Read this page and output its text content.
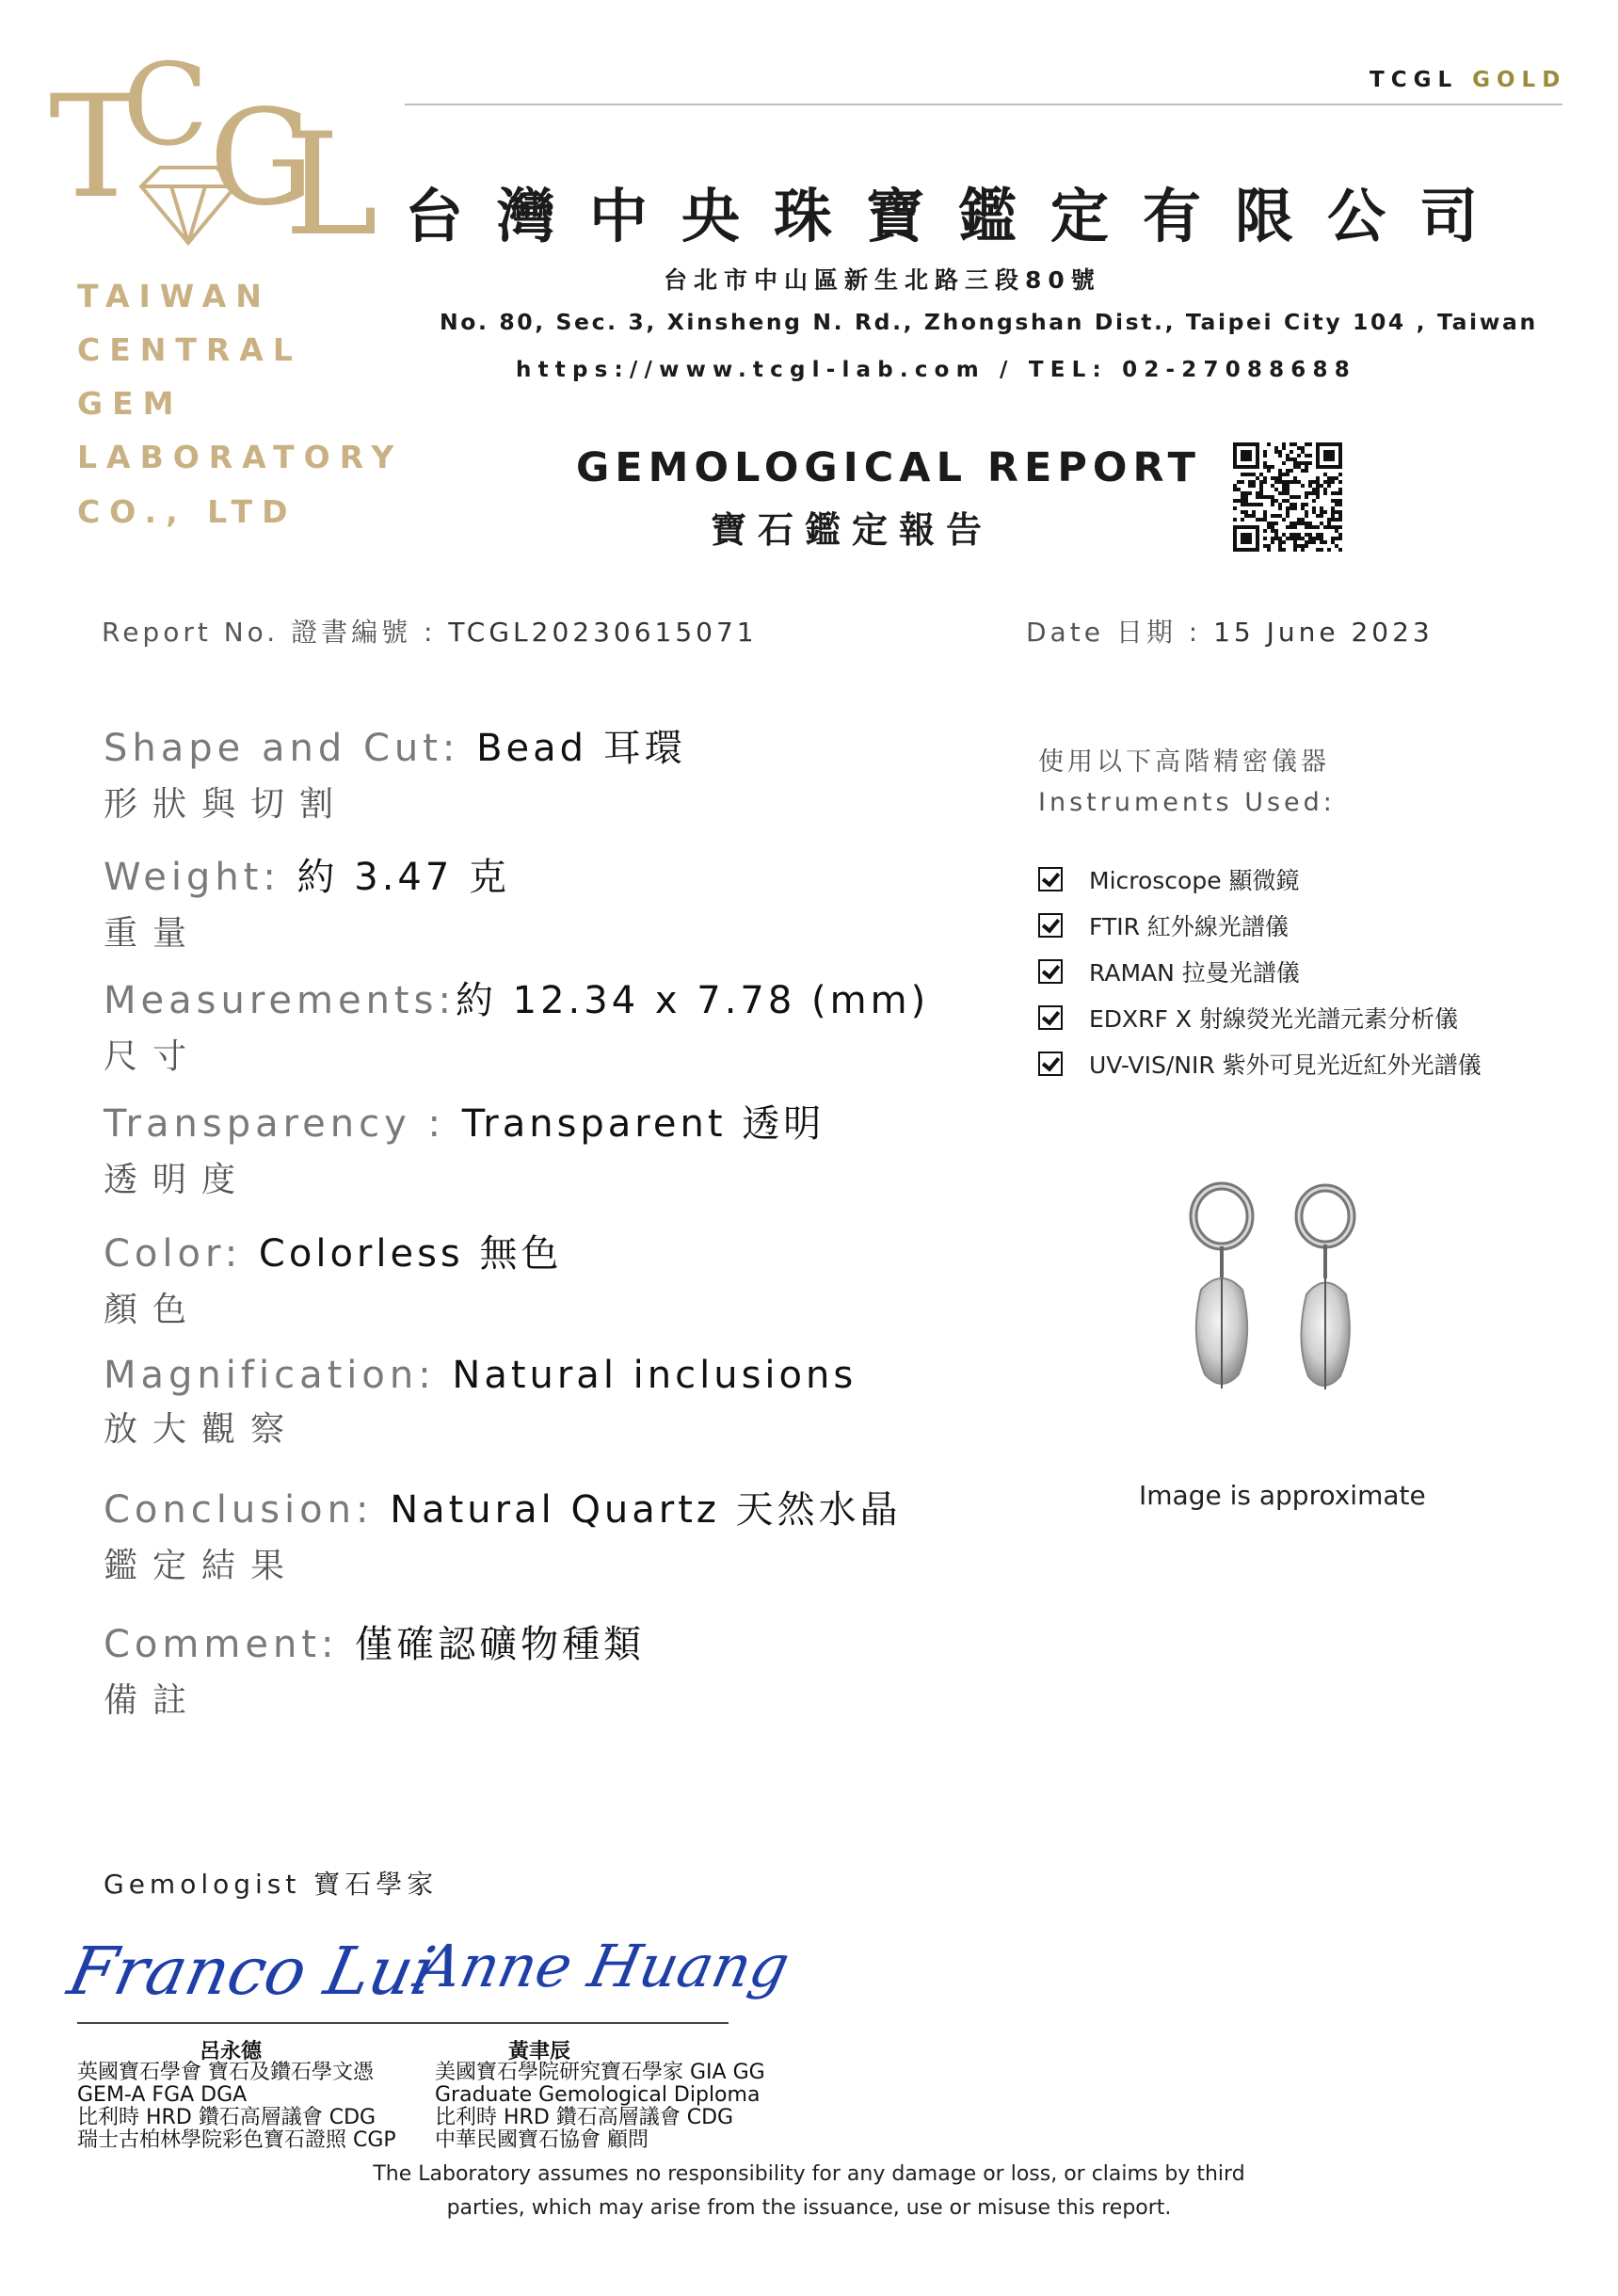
T
C G
L
TAIWAN
CENTRAL
GEM
LABORATORY
CO., LTD
TCGL GOLD
台灣中央珠寶鑑定有限公司
台北市中山區新生北路三段80號
No. 80, Sec. 3, Xinsheng N. Rd., Zhongshan Dist., Taipei City 104 , Taiwan
https://www.tcgl-lab.com / TEL: 02-27088688
GEMOLOGICAL REPORT
寶石鑑定報告
Report No. 證書編號 : TCGL20230615071	Date 日期 : 15 June 2023
Shape and Cut: Bead 耳環
形狀與切割
Weight: 約 3.47 克
重量
Measurements:約 12.34 x 7.78 (mm)
尺寸
Transparency : Transparent 透明
透明度
Color: Colorless 無色
顏色
Magnification: Natural inclusions
放大觀察
Conclusion: Natural Quartz 天然水晶
鑑定結果
Comment: 僅確認礦物種類
備註
使用以下高階精密儀器
Instruments Used:
Microscope 顯微鏡
FTIR 紅外線光譜儀
RAMAN 拉曼光譜儀
EDXRF X 射線熒光光譜元素分析儀
UV-VIS/NIR 紫外可見光近紅外光譜儀
Image is approximate
Gemologist 寶石學家
Franco Lui
Anne Huang
呂永德
英國寶石學會 寶石及鑽石學文憑
GEM-A FGA DGA
比利時 HRD 鑽石高層議會 CDG
瑞士古柏林學院彩色寶石證照 CGP
黃聿辰
美國寶石學院研究寶石學家 GIA GG
Graduate Gemological Diploma
比利時 HRD 鑽石高層議會 CDG
中華民國寶石協會 顧問
The Laboratory assumes no responsibility for any damage or loss, or claims by third
parties, which may arise from the issuance, use or misuse this report.
